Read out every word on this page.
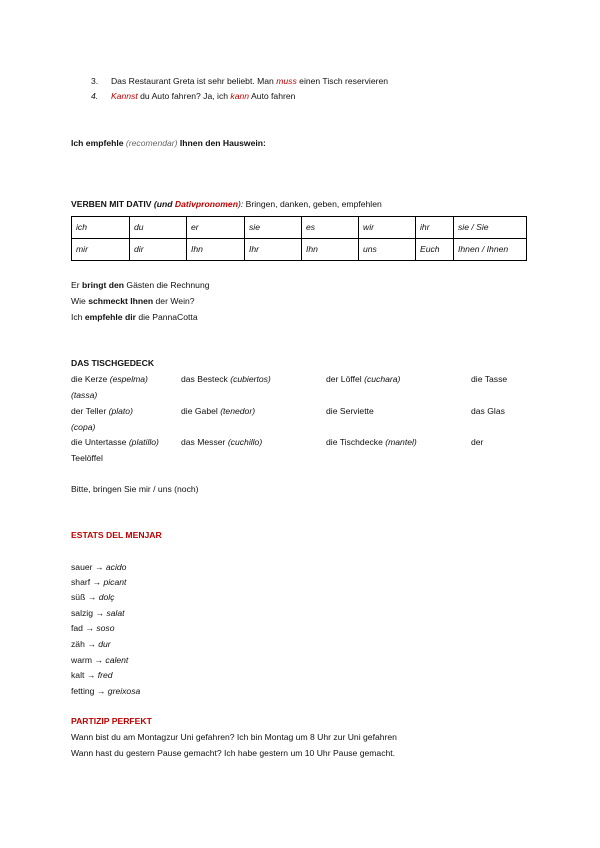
3. Das Restaurant Greta ist sehr beliebt. Man muss einen Tisch reservieren
4. Kannst du Auto fahren? Ja, ich kann Auto fahren
Ich empfehle (recomendar) Ihnen den Hauswein:
VERBEN MIT DATIV (und Dativpronomen): Bringen, danken, geben, empfehlen
ich	du	er	sie	es	wir	ihr	sie / Sie
mir	dir	Ihn	Ihr	Ihn	uns	Euch	Ihnen / Ihnen
Er bringt den Gästen die Rechnung
Wie schmeckt Ihnen der Wein?
Ich empfehle dir die PannaCotta
DAS TISCHGEDECK
die Kerze (espelma)	das Besteck (cubiertos)	der Löffel (cuchara)	die Tasse
(tassa)
der Teller (plato)	die Gabel (tenedor)	die Serviette	das Glas
(copa)
die Untertasse (platillo)	das Messer (cuchillo)	die Tischdecke (mantel)	der
Teelöffel
Bitte, bringen Sie mir / uns (noch)
ESTATS DEL MENJAR
sauer → acido
sharf → picant
süß → dolç
salzig → salat
fad → soso
zäh → dur
warm → calent
kalt → fred
fetting → greixosa
PARTIZIP PERFEKT
Wann bist du am Montagzur Uni gefahren? Ich bin Montag um 8 Uhr zur Uni gefahren
Wann hast du gestern Pause gemacht? Ich habe gestern um 10 Uhr Pause gemacht.
